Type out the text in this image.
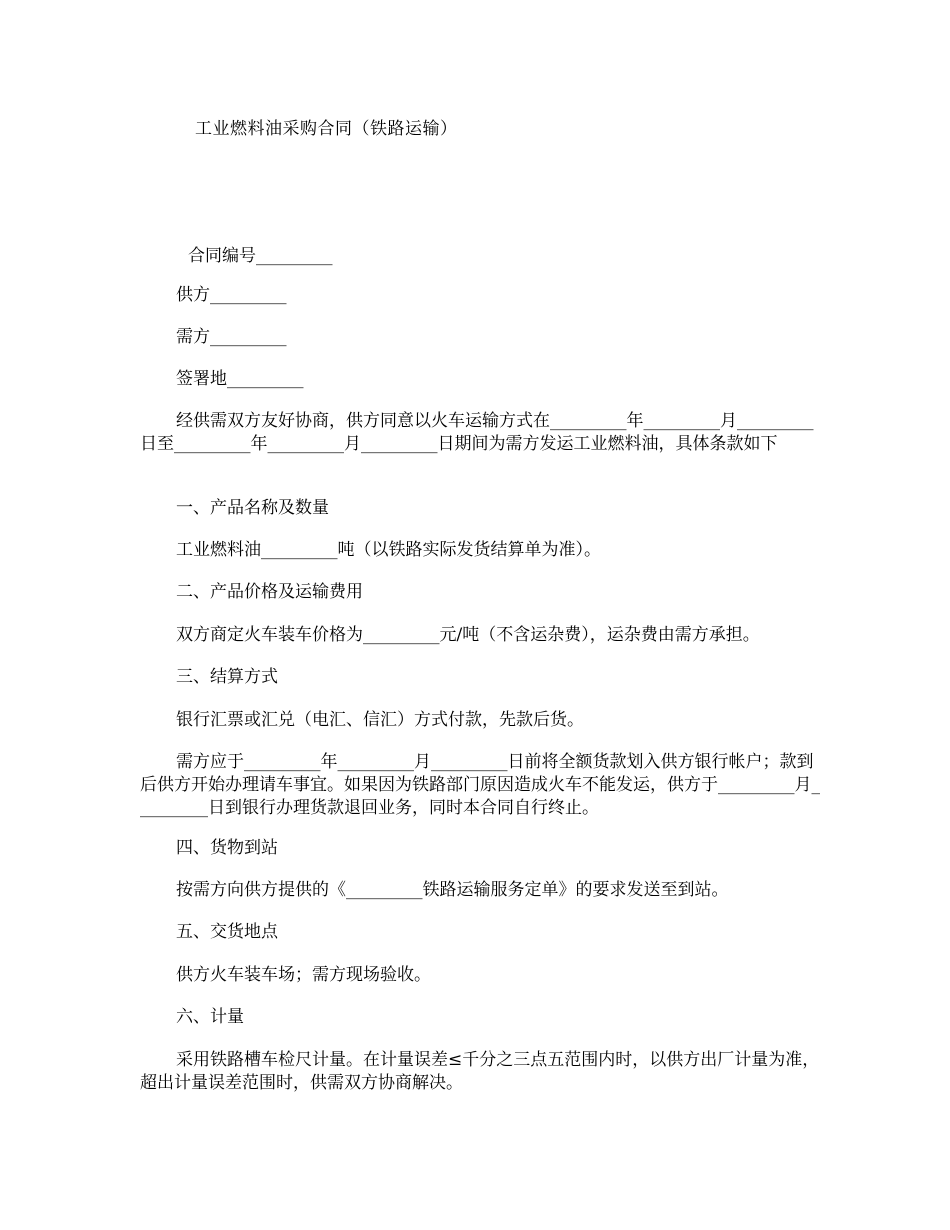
工业燃料油采购合同（铁路运输）
合同编号_________
供方_________
需方_________
签署地_________
经供需双方友好协商，供方同意以火车运输方式在_________年_________月_________日至_________年_________月_________日期间为需方发运工业燃料油，具体条款如下
一、产品名称及数量
工业燃料油_________吨（以铁路实际发货结算单为准）。
二、产品价格及运输费用
双方商定火车装车价格为_________元/吨（不含运杂费），运杂费由需方承担。
三、结算方式
银行汇票或汇兑（电汇、信汇）方式付款，先款后货。
需方应于_________年_________月_________日前将全额货款划入供方银行帐户；款到后供方开始办理请车事宜。如果因为铁路部门原因造成火车不能发运，供方于_________月_________日到银行办理货款退回业务，同时本合同自行终止。
四、货物到站
按需方向供方提供的《_________铁路运输服务定单》的要求发送至到站。
五、交货地点
供方火车装车场；需方现场验收。
六、计量
采用铁路槽车检尺计量。在计量误差≤千分之三点五范围内时，以供方出厂计量为准，超出计量误差范围时，供需双方协商解决。
